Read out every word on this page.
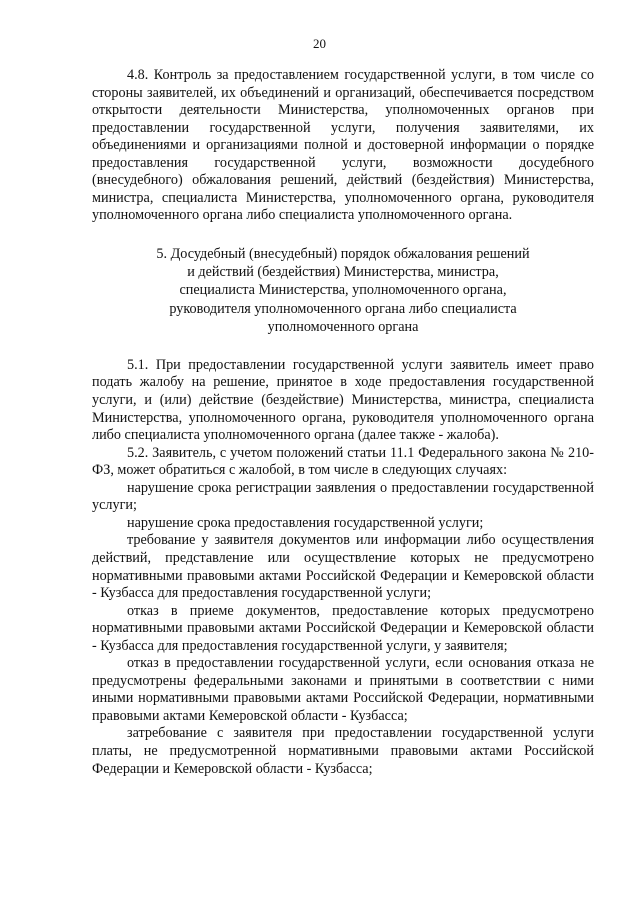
20

4.8. Контроль за предоставлением государственной услуги, в том числе со стороны заявителей, их объединений и организаций, обеспечивается посредством открытости деятельности Министерства, уполномоченных органов при предоставлении государственной услуги, получения заявителями, их объединениями и организациями полной и достоверной информации о порядке предоставления государственной услуги, возможности досудебного (внесудебного) обжалования решений, действий (бездействия) Министерства, министра, специалиста Министерства, уполномоченного органа, руководителя уполномоченного органа либо специалиста уполномоченного органа.

5. Досудебный (внесудебный) порядок обжалования решений и действий (бездействия) Министерства, министра, специалиста Министерства, уполномоченного органа, руководителя уполномоченного органа либо специалиста уполномоченного органа

5.1. При предоставлении государственной услуги заявитель имеет право подать жалобу на решение, принятое в ходе предоставления государственной услуги, и (или) действие (бездействие) Министерства, министра, специалиста Министерства, уполномоченного органа, руководителя уполномоченного органа либо специалиста уполномоченного органа (далее также - жалоба).

5.2. Заявитель, с учетом положений статьи 11.1 Федерального закона № 210-ФЗ, может обратиться с жалобой, в том числе в следующих случаях:

нарушение срока регистрации заявления о предоставлении государственной услуги;

нарушение срока предоставления государственной услуги;

требование у заявителя документов или информации либо осуществления действий, представление или осуществление которых не предусмотрено нормативными правовыми актами Российской Федерации и Кемеровской области - Кузбасса для предоставления государственной услуги;

отказ в приеме документов, предоставление которых предусмотрено нормативными правовыми актами Российской Федерации и Кемеровской области - Кузбасса для предоставления государственной услуги, у заявителя;

отказ в предоставлении государственной услуги, если основания отказа не предусмотрены федеральными законами и принятыми в соответствии с ними иными нормативными правовыми актами Российской Федерации, нормативными правовыми актами Кемеровской области - Кузбасса;

затребование с заявителя при предоставлении государственной услуги платы, не предусмотренной нормативными правовыми актами Российской Федерации и Кемеровской области - Кузбасса;
